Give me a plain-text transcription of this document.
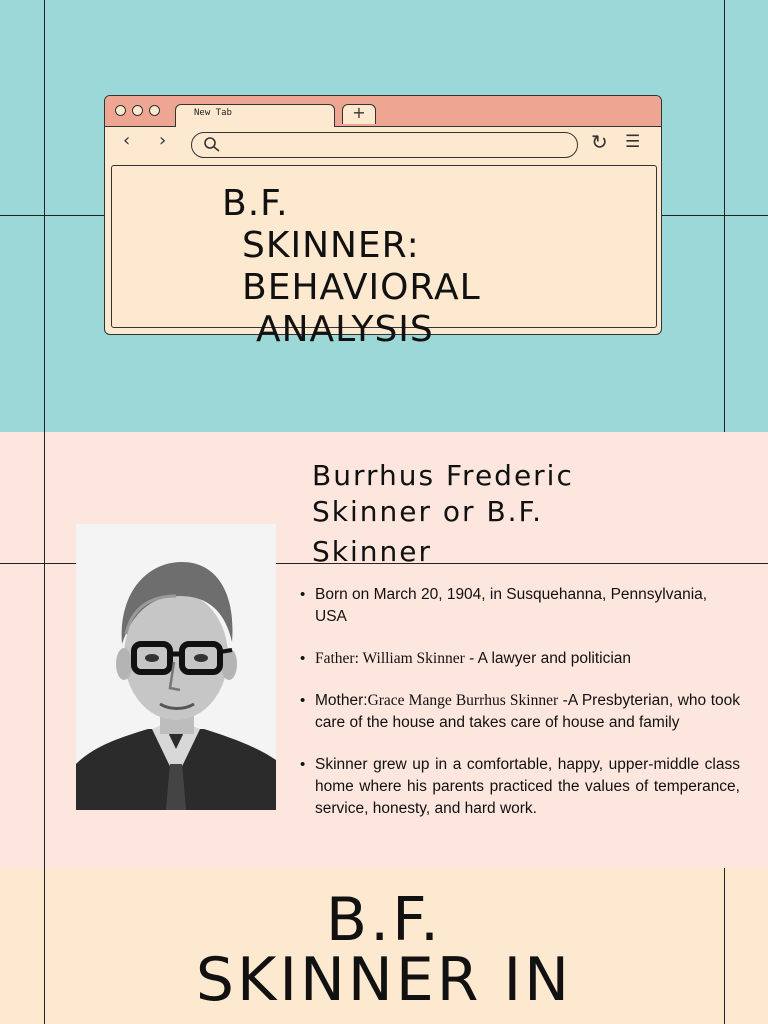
New Tab	+
‹ ›	↻ ☰
B.F.
SKINNER:
BEHAVIORAL
ANALYSIS
Burrhus Frederic
Skinner or B.F.
Skinner
• Born on March 20, 1904, in Susquehanna, Pennsylvania, USA
• Father: William Skinner - A lawyer and politician
• Mother:Grace Mange Burrhus Skinner -A Presbyterian, who took care of the house and takes care of house and family
• Skinner grew up in a comfortable, happy, upper-middle class home where his parents practiced the values of temperance, service, honesty, and hard work.
B.F.
SKINNER IN
